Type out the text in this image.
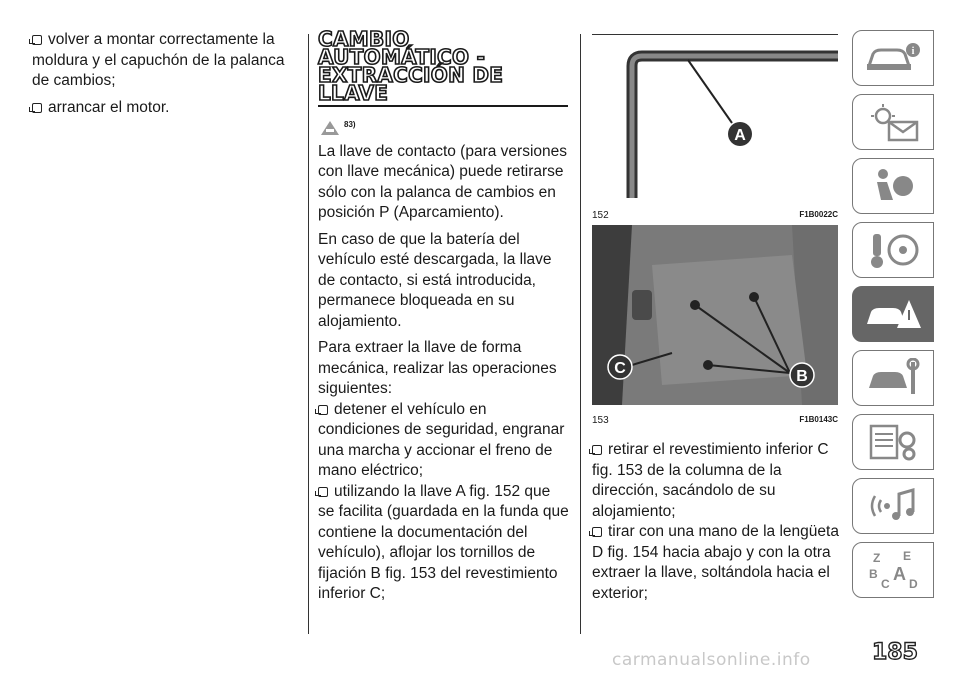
volver a montar correctamente la moldura y el capuchón de la palanca de cambios;

arrancar el motor.

CAMBIO
AUTOMÁTICO -
EXTRACCIÓN DE
LLAVE
83)

La llave de contacto (para versiones con llave mecánica) puede retirarse sólo con la palanca de cambios en posición P (Aparcamiento).

En caso de que la batería del vehículo esté descargada, la llave de contacto, si está introducida, permanece bloqueada en su alojamiento.

Para extraer la llave de forma mecánica, realizar las operaciones siguientes:

detener el vehículo en condiciones de seguridad, engranar una marcha y accionar el freno de mano eléctrico;

utilizando la llave A fig. 152 que se facilita (guardada en la funda que contiene la documentación del vehículo), aflojar los tornillos de fijación B fig. 153 del revestimiento inferior C;

A
152	F1B0022C
C	B
153	F1B0143C

retirar el revestimiento inferior C fig. 153 de la columna de la dirección, sacándolo de su alojamiento;

tirar con una mano de la lengüeta D fig. 154 hacia abajo y con la otra extraer la llave, soltándola hacia el exterior;

i
Z E
B A
C D
185
carmanualsonline.info
